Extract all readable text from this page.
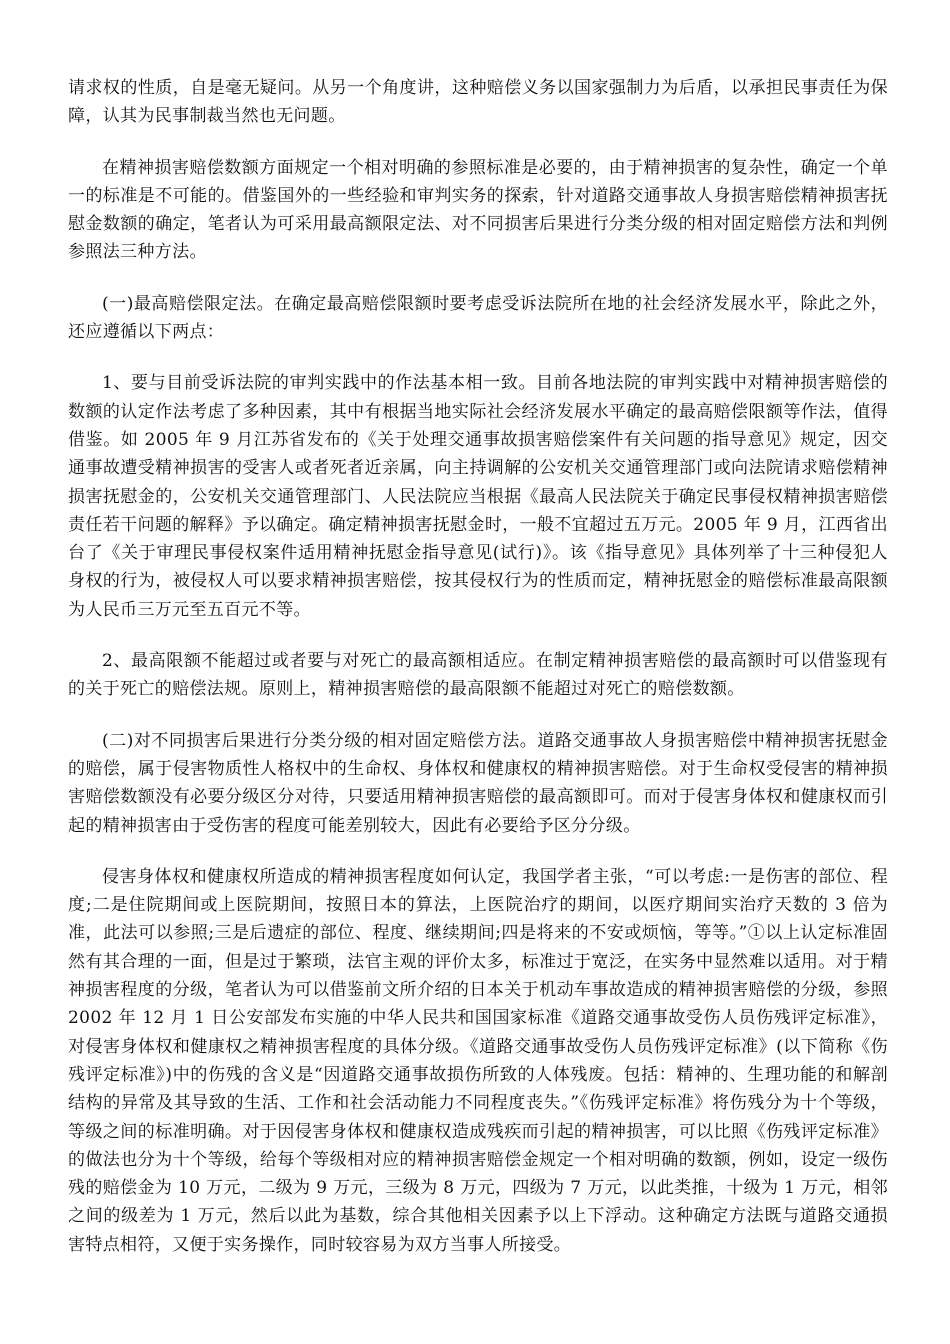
请求权的性质，自是毫无疑问。从另一个角度讲，这种赔偿义务以国家强制力为后盾，以承担民事责任为保障，认其为民事制裁当然也无问题。

在精神损害赔偿数额方面规定一个相对明确的参照标准是必要的，由于精神损害的复杂性，确定一个单一的标准是不可能的。借鉴国外的一些经验和审判实务的探索，针对道路交通事故人身损害赔偿精神损害抚慰金数额的确定，笔者认为可采用最高额限定法、对不同损害后果进行分类分级的相对固定赔偿方法和判例参照法三种方法。

(一)最高赔偿限定法。在确定最高赔偿限额时要考虑受诉法院所在地的社会经济发展水平，除此之外，还应遵循以下两点：

1、要与目前受诉法院的审判实践中的作法基本相一致。目前各地法院的审判实践中对精神损害赔偿的数额的认定作法考虑了多种因素，其中有根据当地实际社会经济发展水平确定的最高赔偿限额等作法，值得借鉴。如 2005 年 9 月江苏省发布的《关于处理交通事故损害赔偿案件有关问题的指导意见》规定，因交通事故遭受精神损害的受害人或者死者近亲属，向主持调解的公安机关交通管理部门或向法院请求赔偿精神损害抚慰金的，公安机关交通管理部门、人民法院应当根据《最高人民法院关于确定民事侵权精神损害赔偿责任若干问题的解释》予以确定。确定精神损害抚慰金时，一般不宜超过五万元。2005 年 9 月，江西省出台了《关于审理民事侵权案件适用精神抚慰金指导意见(试行)》。该《指导意见》具体列举了十三种侵犯人身权的行为，被侵权人可以要求精神损害赔偿，按其侵权行为的性质而定，精神抚慰金的赔偿标准最高限额为人民币三万元至五百元不等。

2、最高限额不能超过或者要与对死亡的最高额相适应。在制定精神损害赔偿的最高额时可以借鉴现有的关于死亡的赔偿法规。原则上，精神损害赔偿的最高限额不能超过对死亡的赔偿数额。

(二)对不同损害后果进行分类分级的相对固定赔偿方法。道路交通事故人身损害赔偿中精神损害抚慰金的赔偿，属于侵害物质性人格权中的生命权、身体权和健康权的精神损害赔偿。对于生命权受侵害的精神损害赔偿数额没有必要分级区分对待，只要适用精神损害赔偿的最高额即可。而对于侵害身体权和健康权而引起的精神损害由于受伤害的程度可能差别较大，因此有必要给予区分分级。

侵害身体权和健康权所造成的精神损害程度如何认定，我国学者主张，“可以考虑:一是伤害的部位、程度;二是住院期间或上医院期间，按照日本的算法，上医院治疗的期间，以医疗期间实治疗天数的 3 倍为准，此法可以参照;三是后遗症的部位、程度、继续期间;四是将来的不安或烦恼，等等。”①以上认定标准固然有其合理的一面，但是过于繁琐，法官主观的评价太多，标准过于宽泛，在实务中显然难以适用。对于精神损害程度的分级，笔者认为可以借鉴前文所介绍的日本关于机动车事故造成的精神损害赔偿的分级，参照 2002 年 12 月 1 日公安部发布实施的中华人民共和国国家标准《道路交通事故受伤人员伤残评定标准》，对侵害身体权和健康权之精神损害程度的具体分级。《道路交通事故受伤人员伤残评定标准》(以下简称《伤残评定标准》)中的伤残的含义是“因道路交通事故损伤所致的人体残废。包括：精神的、生理功能的和解剖结构的异常及其导致的生活、工作和社会活动能力不同程度丧失。”《伤残评定标准》将伤残分为十个等级，等级之间的标准明确。对于因侵害身体权和健康权造成残疾而引起的精神损害，可以比照《伤残评定标准》的做法也分为十个等级，给每个等级相对应的精神损害赔偿金规定一个相对明确的数额，例如，设定一级伤残的赔偿金为 10 万元，二级为 9 万元，三级为 8 万元，四级为 7 万元，以此类推，十级为 1 万元，相邻之间的级差为 1 万元，然后以此为基数，综合其他相关因素予以上下浮动。这种确定方法既与道路交通损害特点相符，又便于实务操作，同时较容易为双方当事人所接受。
